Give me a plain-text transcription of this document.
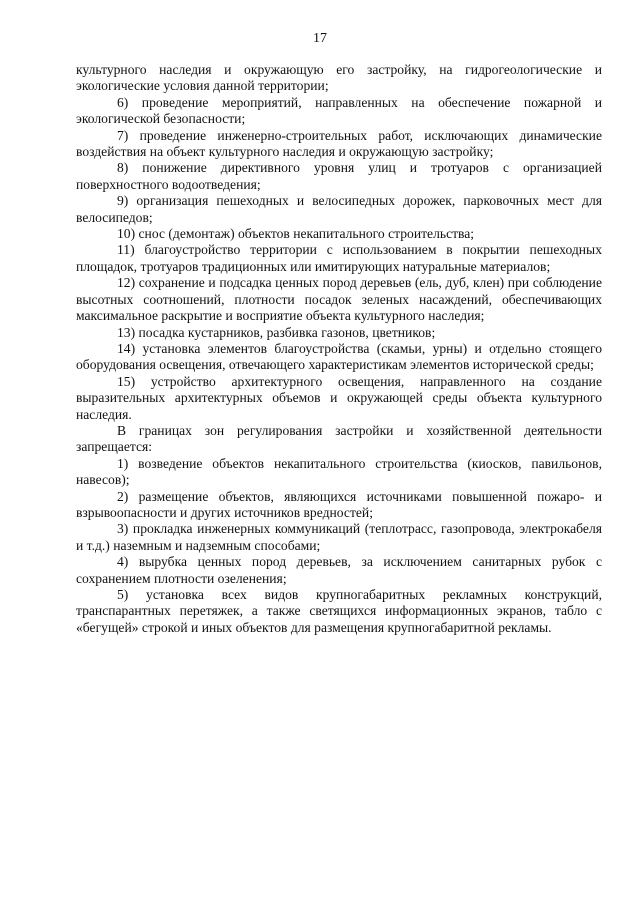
17

культурного наследия и окружающую его застройку, на гидрогеологические и экологические условия данной территории;

6) проведение мероприятий, направленных на обеспечение пожарной и экологической безопасности;

7) проведение инженерно-строительных работ, исключающих динамические воздействия на объект культурного наследия и окружающую застройку;

8) понижение директивного уровня улиц и тротуаров с организацией поверхностного водоотведения;

9) организация пешеходных и велосипедных дорожек, парковочных мест для велосипедов;

10) снос (демонтаж) объектов некапитального строительства;

11) благоустройство территории с использованием в покрытии пешеходных площадок, тротуаров традиционных или имитирующих натуральные материалов;

12) сохранение и подсадка ценных пород деревьев (ель, дуб, клен) при соблюдение высотных соотношений, плотности посадок зеленых насаждений, обеспечивающих максимальное раскрытие и восприятие объекта культурного наследия;

13) посадка кустарников, разбивка газонов, цветников;

14) установка элементов благоустройства (скамьи, урны) и отдельно стоящего оборудования освещения, отвечающего характеристикам элементов исторической среды;

15) устройство архитектурного освещения, направленного на создание выразительных архитектурных объемов и окружающей среды объекта культурного наследия.

В границах зон регулирования застройки и хозяйственной деятельности запрещается:

1) возведение объектов некапитального строительства (киосков, павильонов, навесов);

2) размещение объектов, являющихся источниками повышенной пожаро- и взрывоопасности и других источников вредностей;

3) прокладка инженерных коммуникаций (теплотрасс, газопровода, электрокабеля и т.д.) наземным и надземным способами;

4) вырубка ценных пород деревьев, за исключением санитарных рубок с сохранением плотности озеленения;

5) установка всех видов крупногабаритных рекламных конструкций, транспарантных перетяжек, а также светящихся информационных экранов, табло с «бегущей» строкой и иных объектов для размещения крупногабаритной рекламы.
